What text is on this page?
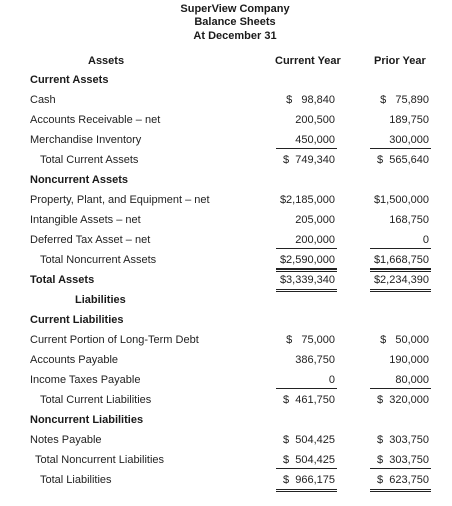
SuperView Company
Balance Sheets
At December 31
Assets	Current Year	Prior Year
Current Assets
Cash	$   98,840	$   75,890
Accounts Receivable – net	200,500	189,750
Merchandise Inventory	450,000	300,000
Total Current Assets	$  749,340	$  565,640
Noncurrent Assets
Property, Plant, and Equipment – net	$2,185,000	$1,500,000
Intangible Assets – net	205,000	168,750
Deferred Tax Asset – net	200,000	0
Total Noncurrent Assets	$2,590,000	$1,668,750
Total Assets	$3,339,340	$2,234,390
Liabilities
Current Liabilities
Current Portion of Long-Term Debt	$   75,000	$   50,000
Accounts Payable	386,750	190,000
Income Taxes Payable	0	80,000
Total Current Liabilities	$  461,750	$  320,000
Noncurrent Liabilities
Notes Payable	$  504,425	$  303,750
Total Noncurrent Liabilities	$  504,425	$  303,750
Total Liabilities	$  966,175	$  623,750
